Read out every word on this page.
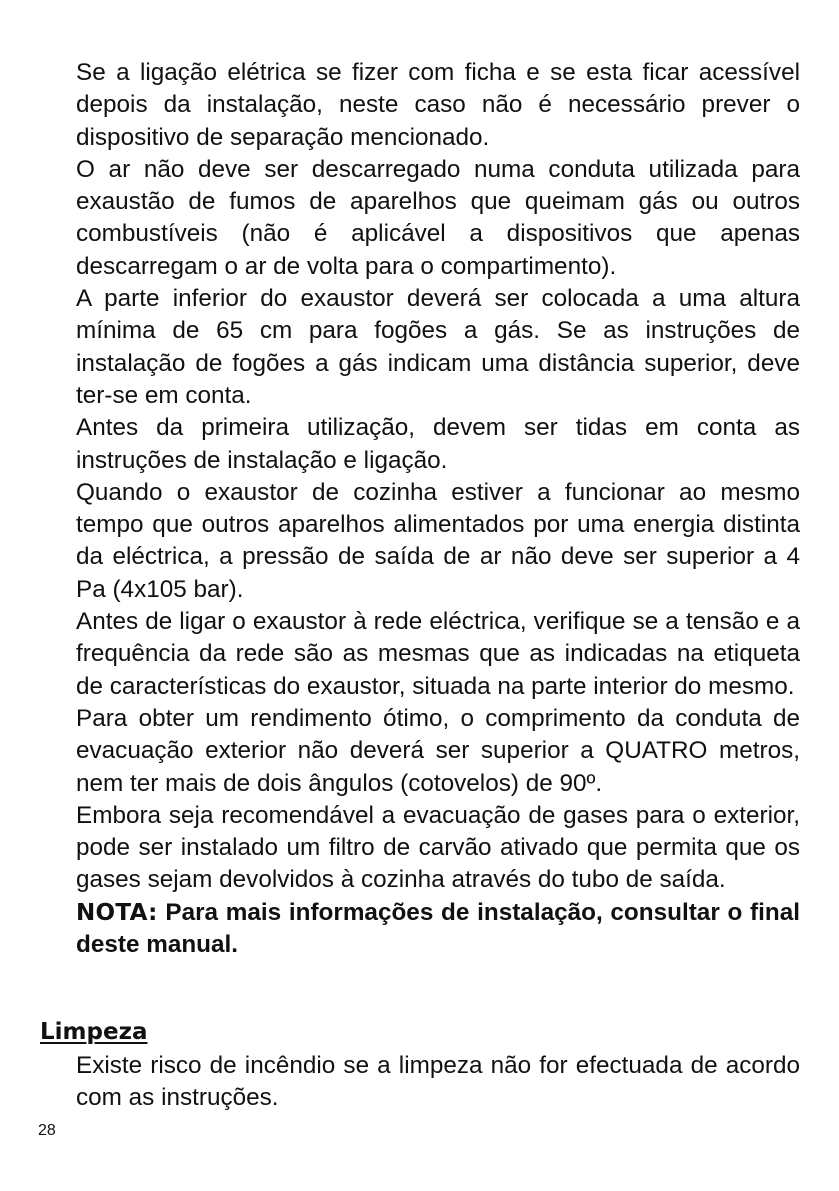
Se a ligação elétrica se fizer com ficha e se esta ficar acessível depois da instalação, neste caso não é necessário prever o dispositivo de separação mencionado.

O ar não deve ser descarregado numa conduta utilizada para exaustão de fumos de aparelhos que queimam gás ou outros combustíveis (não é aplicável a dispositivos que apenas descarregam o ar de volta para o compartimento).

A parte inferior do exaustor deverá ser colocada a uma altura mínima de 65 cm para fogões a gás. Se as instruções de instalação de fogões a gás indicam uma distância superior, deve ter-se em conta.

Antes da primeira utilização, devem ser tidas em conta as instruções de instalação e ligação.

Quando o exaustor de cozinha estiver a funcionar ao mesmo tempo que outros aparelhos alimentados por uma energia distinta da eléctrica, a pressão de saída de ar não deve ser superior a 4 Pa (4x105 bar).

Antes de ligar o exaustor à rede eléctrica, verifique se a tensão e a frequência da rede são as mesmas que as indicadas na etiqueta de características do exaustor, situada na parte interior do mesmo.

Para obter um rendimento ótimo, o comprimento da conduta de evacuação exterior não deverá ser superior a QUATRO metros, nem ter mais de dois ângulos (cotovelos) de 90º.

Embora seja recomendável a evacuação de gases para o exterior, pode ser instalado um filtro de carvão ativado que permita que os gases sejam devolvidos à cozinha através do tubo de saída.

NOTA: Para mais informações de instalação, consultar o final deste manual.

Limpeza

Existe risco de incêndio se a limpeza não for efectuada de acordo com as instruções.

28
